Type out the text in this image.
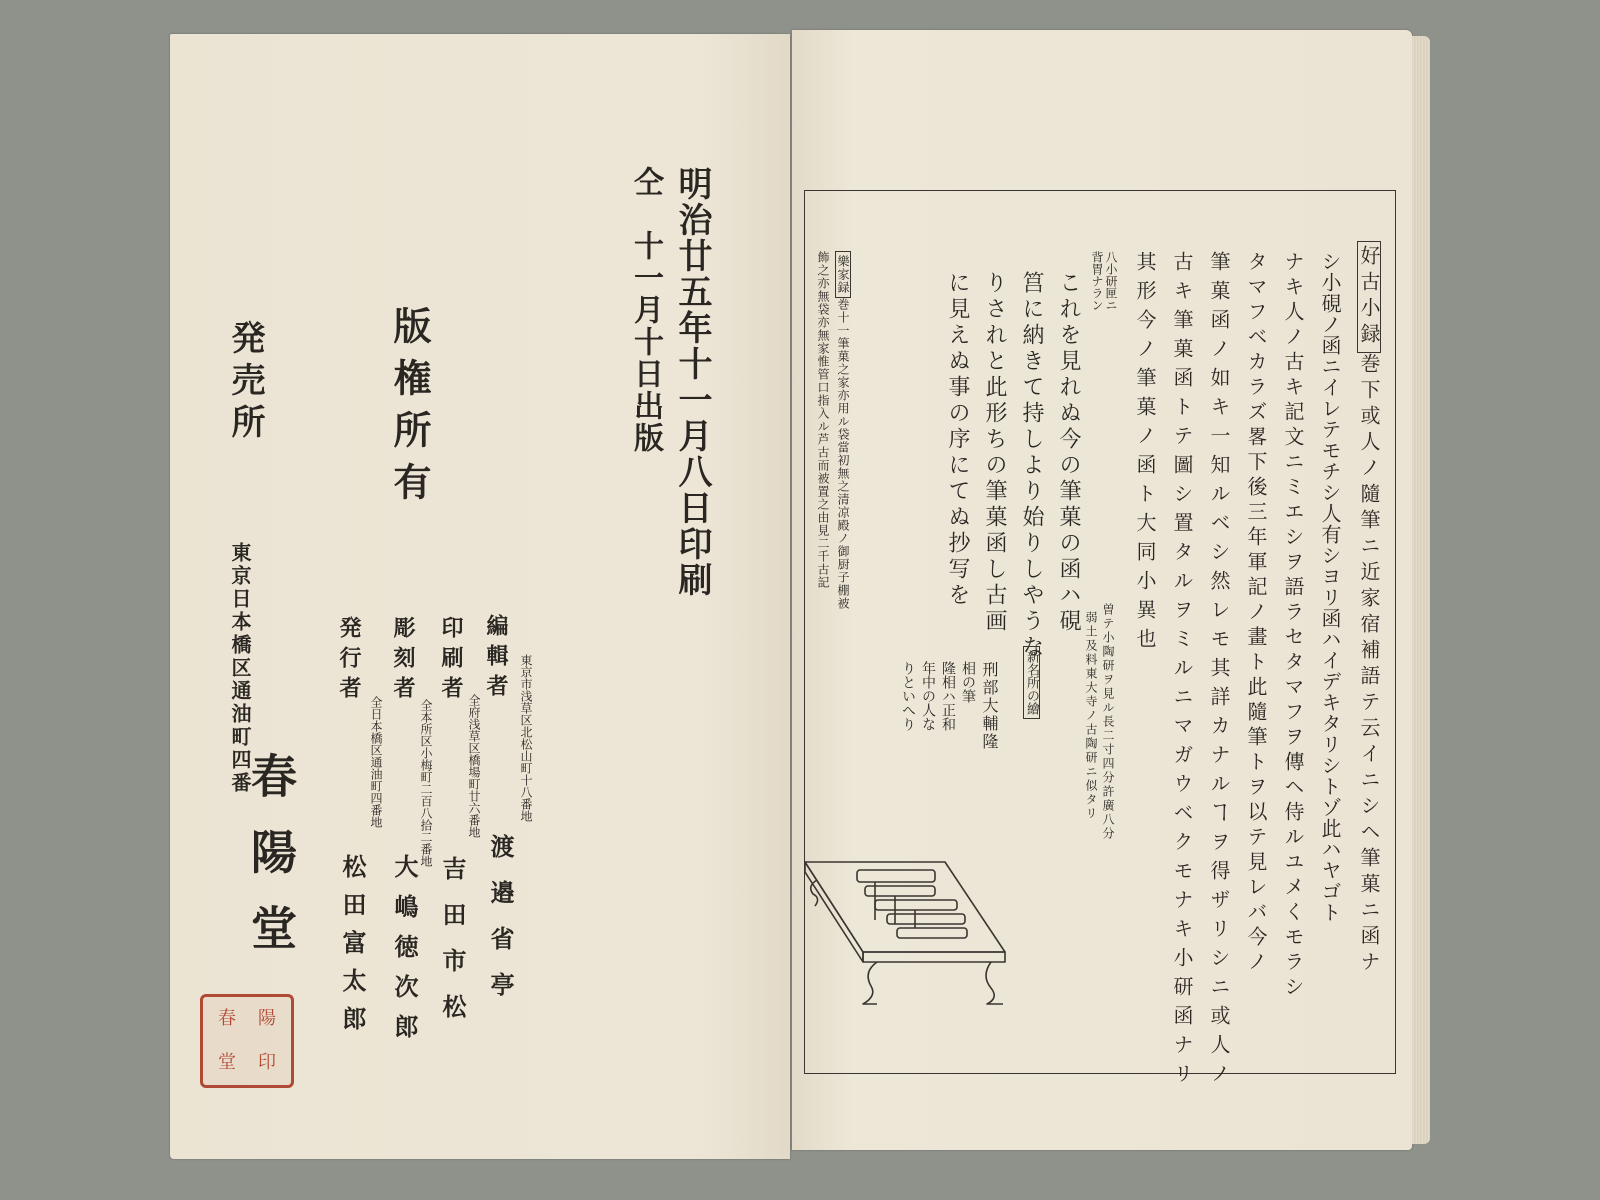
明治廿五年十一月八日印刷
仝　十一月十日出版
版権所有
編輯者 東京市浅草区北松山町十八番地
渡邉省亭
印刷者
全府浅草区橋場町廿六番地
吉田市松
彫刻者
全本所区小梅町二百八拾二番地
大嶋徳次郎
発行者
全日本橋区通油町四番地
松田富太郎
発売所
東京日本橋区通油町四番
春陽堂
春	陽
堂	印
好古小録巻下或人ノ隨筆ニ近家宿補語テ云イニシヘ筆菓ニ函ナ
シ小硯ノ函ニイレテモチシ人有シヨリ函ハイデキタリシトゾ此ハヤゴト
ナキ人ノ古キ記文ニミエシヲ語ラセタマフヲ傳ヘ侍ルユメくモラシ
タマフベカラズ畧下後三年軍記ノ畫ト此隨筆トヲ以テ見レバ今ノ
筆菓函ノ如キ一知ルベシ然レモ其詳カナルヿヲ得ザリシニ或人ノ
古キ筆菓函トテ圖シ置タルヲミルニマガウベクモナキ小研函ナリ
其形今ノ筆菓ノ函ト大同小異也
曽テ小陶研ヲ見ル長二寸四分許廣八分
弱土及料東大寺ノ古陶研ニ似タリ
八小研匣ニ
背胃ナラン
これを見れぬ今の筆菓の函ハ硯
筥に納きて持しより始りしやうな
りされと此形ちの筆菓函し古画
に見えぬ事の序にてぬ抄写を
新名所の繪
刑部大輔隆
相の筆
隆相ハ正和
年中の人な
りといへり
樂家録巻十一筆菓之家亦用ル袋當初無之清凉殿ノ御厨子棚被
飾之亦無袋亦無家惟管口指入ル芦古而被置之由見二千古記
